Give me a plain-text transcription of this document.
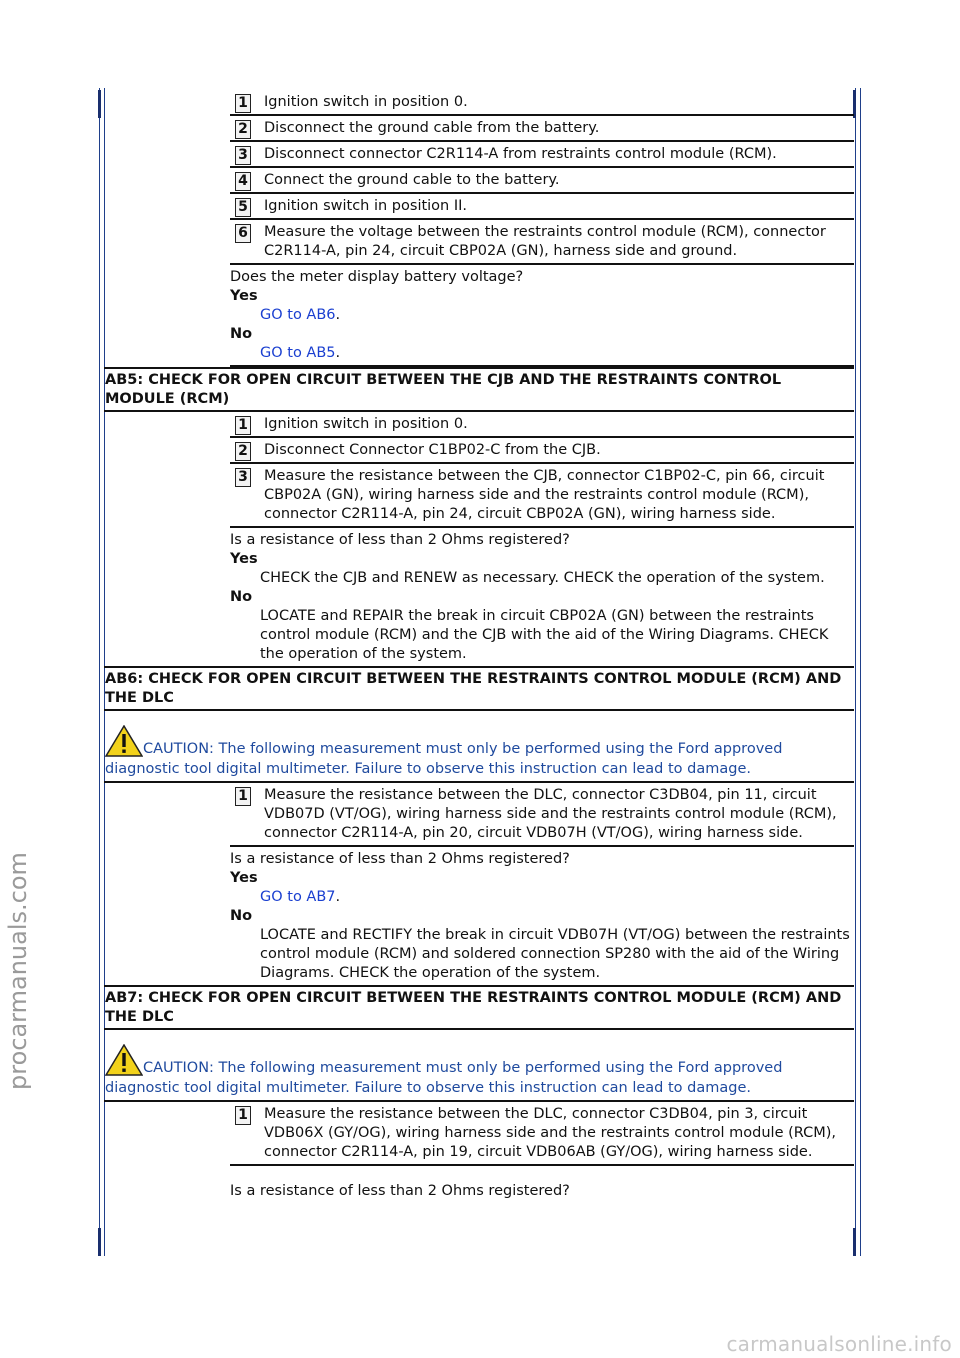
procarmanuals.com
carmanualsonline.info
1	Ignition switch in position 0.
2	Disconnect the ground cable from the battery.
3	Disconnect connector C2R114-A from restraints control module (RCM).
4	Connect the ground cable to the battery.
5	Ignition switch in position II.
6	Measure the voltage between the restraints control module (RCM), connector C2R114-A, pin 24, circuit CBP02A (GN), harness side and ground.
Does the meter display battery voltage?
Yes
GO to AB6.
No
GO to AB5.
AB5: CHECK FOR OPEN CIRCUIT BETWEEN THE CJB AND THE RESTRAINTS CONTROL MODULE (RCM)
1	Ignition switch in position 0.
2	Disconnect Connector C1BP02-C from the CJB.
3	Measure the resistance between the CJB, connector C1BP02-C, pin 66, circuit CBP02A (GN), wiring harness side and the restraints control module (RCM), connector C2R114-A, pin 24, circuit CBP02A (GN), wiring harness side.
Is a resistance of less than 2 Ohms registered?
Yes
CHECK the CJB and RENEW as necessary. CHECK the operation of the system.
No
LOCATE and REPAIR the break in circuit CBP02A (GN) between the restraints control module (RCM) and the CJB with the aid of the Wiring Diagrams. CHECK the operation of the system.
AB6: CHECK FOR OPEN CIRCUIT BETWEEN THE RESTRAINTS CONTROL MODULE (RCM) AND THE DLC
CAUTION: The following measurement must only be performed using the Ford approved diagnostic tool digital multimeter. Failure to observe this instruction can lead to damage.
1	Measure the resistance between the DLC, connector C3DB04, pin 11, circuit VDB07D (VT/OG), wiring harness side and the restraints control module (RCM), connector C2R114-A, pin 20, circuit VDB07H (VT/OG), wiring harness side.
Is a resistance of less than 2 Ohms registered?
Yes
GO to AB7.
No
LOCATE and RECTIFY the break in circuit VDB07H (VT/OG) between the restraints control module (RCM) and soldered connection SP280 with the aid of the Wiring Diagrams. CHECK the operation of the system.
AB7: CHECK FOR OPEN CIRCUIT BETWEEN THE RESTRAINTS CONTROL MODULE (RCM) AND THE DLC
CAUTION: The following measurement must only be performed using the Ford approved diagnostic tool digital multimeter. Failure to observe this instruction can lead to damage.
1	Measure the resistance between the DLC, connector C3DB04, pin 3, circuit VDB06X (GY/OG), wiring harness side and the restraints control module (RCM), connector C2R114-A, pin 19, circuit VDB06AB (GY/OG), wiring harness side.
Is a resistance of less than 2 Ohms registered?
